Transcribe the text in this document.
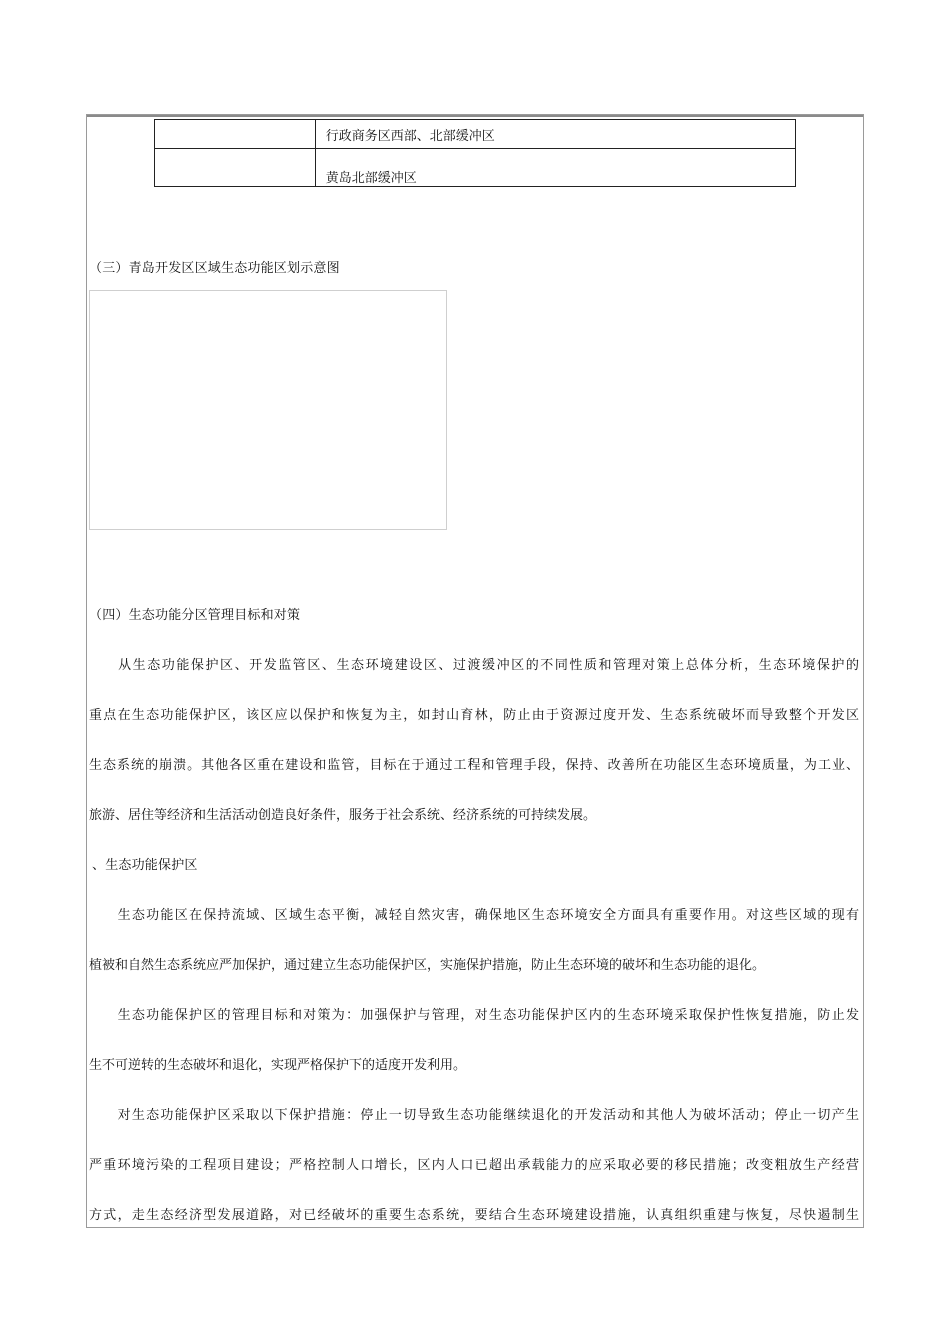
	行政商务区西部、北部缓冲区
	黄岛北部缓冲区
（三）青岛开发区区域生态功能区划示意图
（四）生态功能分区管理目标和对策
　　从生态功能保护区、开发监管区、生态环境建设区、过渡缓冲区的不同性质和管理对策上总体分析，生态环境保护的
重点在生态功能保护区，该区应以保护和恢复为主，如封山育林，防止由于资源过度开发、生态系统破坏而导致整个开发区
生态系统的崩溃。其他各区重在建设和监管，目标在于通过工程和管理手段，保持、改善所在功能区生态环境质量，为工业、
旅游、居住等经济和生活活动创造良好条件，服务于社会系统、经济系统的可持续发展。
、生态功能保护区
　　生态功能区在保持流域、区域生态平衡，减轻自然灾害，确保地区生态环境安全方面具有重要作用。对这些区域的现有
植被和自然生态系统应严加保护，通过建立生态功能保护区，实施保护措施，防止生态环境的破坏和生态功能的退化。
　　生态功能保护区的管理目标和对策为：加强保护与管理，对生态功能保护区内的生态环境采取保护性恢复措施，防止发
生不可逆转的生态破坏和退化，实现严格保护下的适度开发利用。
　　对生态功能保护区采取以下保护措施：停止一切导致生态功能继续退化的开发活动和其他人为破坏活动；停止一切产生
严重环境污染的工程项目建设；严格控制人口增长，区内人口已超出承载能力的应采取必要的移民措施；改变粗放生产经营
方式，走生态经济型发展道路，对已经破坏的重要生态系统，要结合生态环境建设措施，认真组织重建与恢复，尽快遏制生
